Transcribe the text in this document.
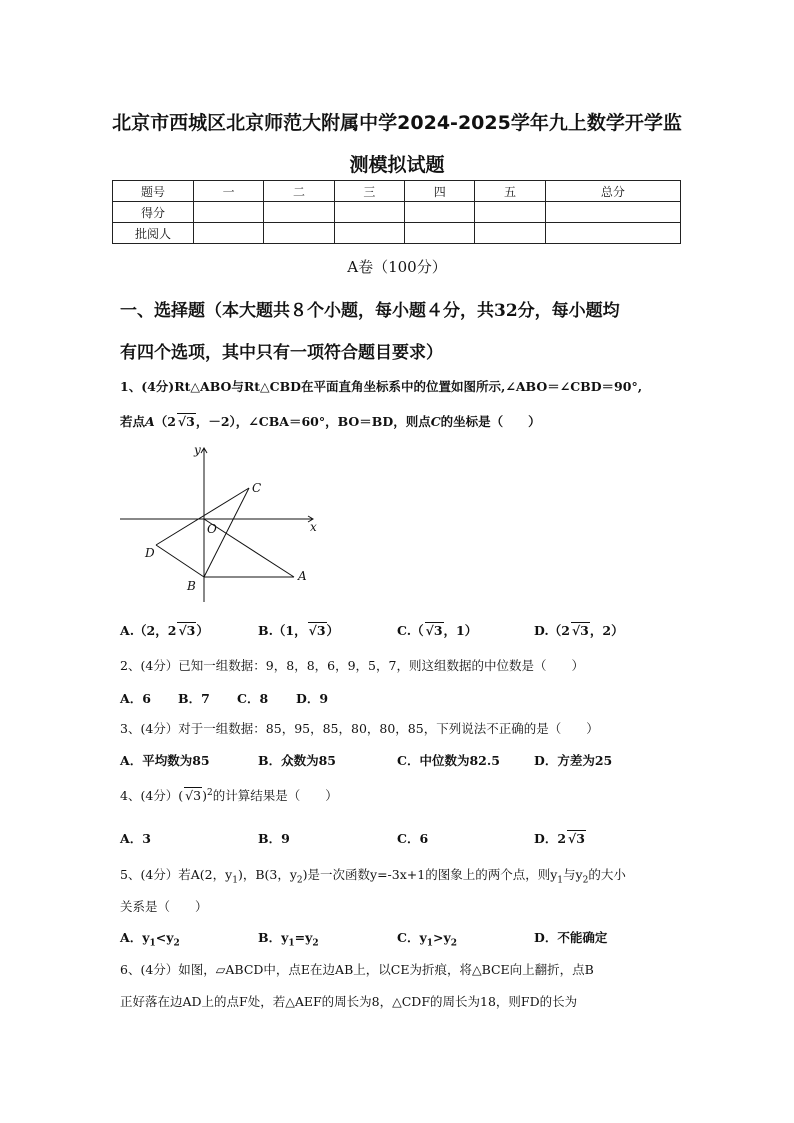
北京市西城区北京师范大附属中学2024-2025学年九上数学开学监
测模拟试题
题号	一	二	三	四	五	总分
得分						
批阅人						
A卷（100分）
一、选择题（本大题共８个小题，每小题４分，共32分，每小题均
有四个选项，其中只有一项符合题目要求）
1、(4分)Rt△ABO与Rt△CBD在平面直角坐标系中的位置如图所示,∠ABO＝∠CBD＝90°,
若点A（2 √3，－2），∠CBA＝60°，BO＝BD，则点C的坐标是（　　）
y
x
O
C
D
B
A
A.（2，2 √3）	B.（1， √3）	C.（ √3，1）	D.（2 √3，2）
2、(4分）已知一组数据：9，8，8，6，9，5，7，则这组数据的中位数是（　　）
A．6 B．7 C．8 D．9
3、(4分）对于一组数据：85，95，85，80，80，85，下列说法不正确的是（　　）
A．平均数为85	B．众数为85	C．中位数为82.5	D．方差为25
4、(4分）( √3)$^2$的计算结果是（　　）
A．3	B．9	C．6	D．2 √3
5、(4分）若A(2，$y_1$)，B(3，$y_2$)是一次函数y=-3x+1的图象上的两个点，则$y_1$与$y_2$的大小
关系是（　　）
A．$y_1<y_2$	B．$y_1=y_2$	C．$y_1>y_2$	D．不能确定
6、(4分）如图，▱ABCD中，点E在边AB上，以CE为折痕，将△BCE向上翻折，点B
正好落在边AD上的点F处，若△AEF的周长为8，△CDF的周长为18，则FD的长为
